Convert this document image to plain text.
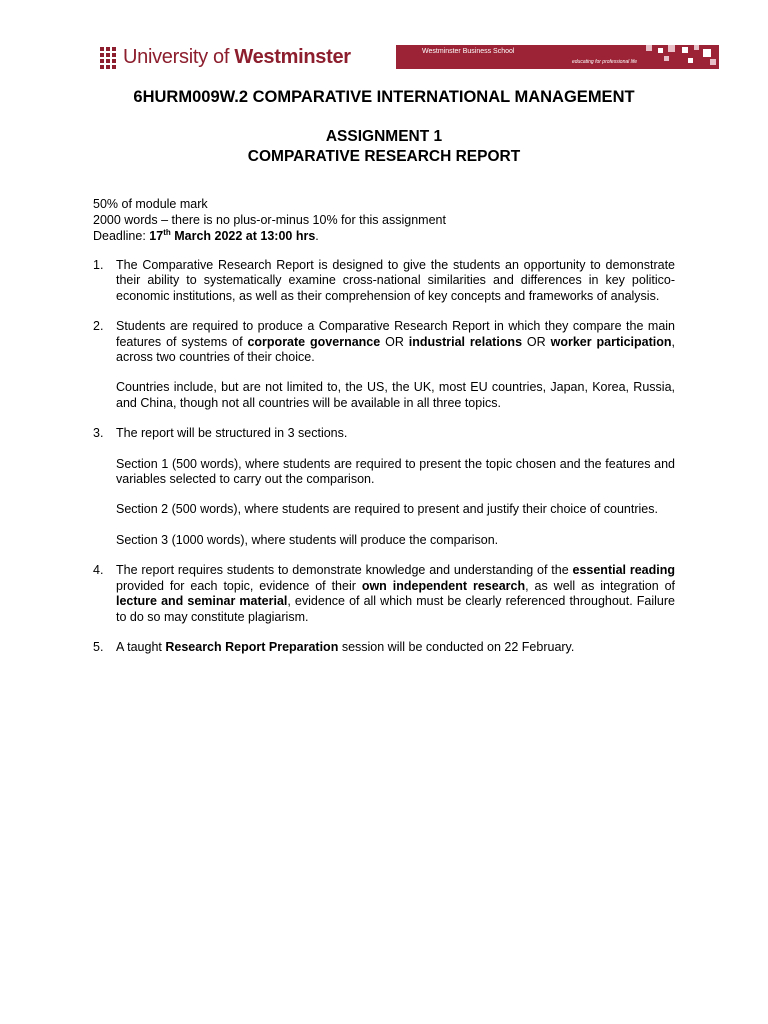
University of Westminster	Westminster Business School
educating for professional life
6HURM009W.2 COMPARATIVE INTERNATIONAL MANAGEMENT
ASSIGNMENT 1
COMPARATIVE RESEARCH REPORT
50% of module mark
2000 words – there is no plus-or-minus 10% for this assignment
Deadline: 17th March 2022 at 13:00 hrs.
1. The Comparative Research Report is designed to give the students an opportunity to demonstrate their ability to systematically examine cross-national similarities and differences in key politico-economic institutions, as well as their comprehension of key concepts and frameworks of analysis.

2. Students are required to produce a Comparative Research Report in which they compare the main features of systems of corporate governance OR industrial relations OR worker participation, across two countries of their choice.

Countries include, but are not limited to, the US, the UK, most EU countries, Japan, Korea, Russia, and China, though not all countries will be available in all three topics.

3. The report will be structured in 3 sections.

Section 1 (500 words), where students are required to present the topic chosen and the features and variables selected to carry out the comparison.

Section 2 (500 words), where students are required to present and justify their choice of countries.

Section 3 (1000 words), where students will produce the comparison.

4. The report requires students to demonstrate knowledge and understanding of the essential reading provided for each topic, evidence of their own independent research, as well as integration of lecture and seminar material, evidence of all which must be clearly referenced throughout. Failure to do so may constitute plagiarism.

5. A taught Research Report Preparation session will be conducted on 22 February.
